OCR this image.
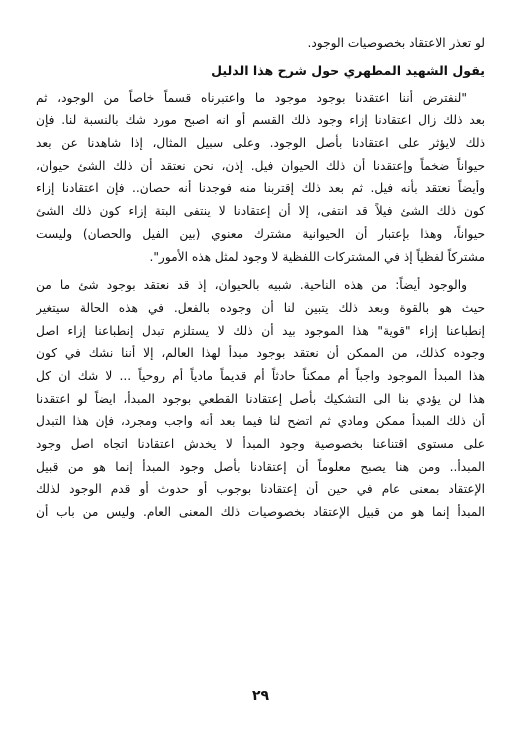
لو تعذر الاعتقاد بخصوصيات الوجود.
يقول الشهيد المطهري حول شرح هذا الدليل
"لنفترض أننا اعتقدنا بوجود موجود ما واعتبرناه قسماً خاصاً من الوجود، ثم
بعد ذلك زال اعتقادنا إزاء وجود ذلك القسم أو انه اصبح مورد شك بالنسبة لنا. فإن
ذلك لايؤثر على اعتقادنا بأصل الوجود. وعلى سبيل المثال، إذا شاهدنا عن بعد
حيواناً ضخماً وإعتقدنا أن ذلك الحيوان فيل. إذن، نحن نعتقد أن ذلك الشئ حيوان،
وأيضاً نعتقد بأنه فيل. ثم بعد ذلك إقتربنا منه فوجدنا أنه حصان.. فإن اعتقادنا إزاء
كون ذلك الشئ فيلاً قد انتفى، إلا أن إعتقادنا لا ينتفى البتة إزاء كون ذلك الشئ
حيواناً، وهذا بإعتبار أن الحيوانية مشترك معنوي (بين الفيل والحصان) وليست
مشتركاً لفظياً إذ في المشتركات اللفظية لا وجود لمثل هذه الأمور".
والوجود أيضاً: من هذه الناحية. شبيه بالحيوان، إذ قد نعتقد بوجود شئ ما من
حيث هو بالقوة وبعد ذلك يتبين لنا أن وجوده بالفعل. في هذه الحالة سيتغير
إنطباعنا إزاء "قوية" هذا الموجود بيد أن ذلك لا يستلزم تبدل إنطباعنا إزاء اصل
وجوده كذلك، من الممكن أن نعتقد بوجود مبدأ لهذا العالم، إلا أننا نشك في كون
هذا المبدأ الموجود واجباً أم ممكناً حادثاً أم قديماً مادياً أم روحياً ... لا شك ان كل
هذا لن يؤدي بنا الى التشكيك بأصل إعتقادنا القطعي بوجود المبدأ، ايضاً لو اعتقدنا
أن ذلك المبدأ ممكن ومادي ثم اتضح لنا فيما بعد أنه واجب ومجرد، فإن هذا التبدل
على مستوى اقتناعنا بخصوصية وجود المبدأ لا يخدش اعتقادنا اتجاه اصل وجود
المبدأ.. ومن هنا يصبح معلوماً أن إعتقادنا بأصل وجود المبدأ إنما هو من قبيل
الإعتقاد بمعنى عام في حين أن إعتقادنا بوجوب أو حدوث أو قدم الوجود لذلك
المبدأ إنما هو من قبيل الإعتقاد بخصوصيات ذلك المعنى العام. وليس من باب أن
٢٩
